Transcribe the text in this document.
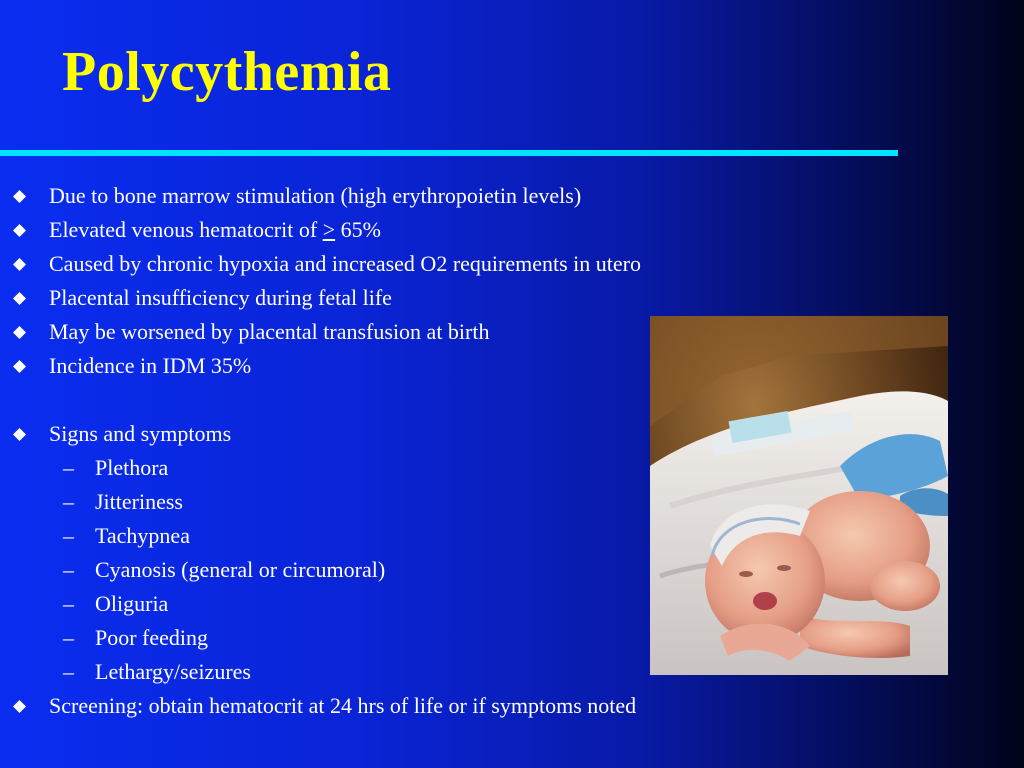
Polycythemia
Due to bone marrow stimulation (high erythropoietin levels)
Elevated venous hematocrit of ≥ 65%
Caused by chronic hypoxia and increased O2 requirements in utero
Placental insufficiency during fetal life
May be worsened by placental transfusion at birth
Incidence in IDM 35%
Signs and symptoms
– Plethora
– Jitteriness
– Tachypnea
– Cyanosis (general or circumoral)
– Oliguria
– Poor feeding
– Lethargy/seizures
Screening: obtain hematocrit at 24 hrs of life or if symptoms noted
